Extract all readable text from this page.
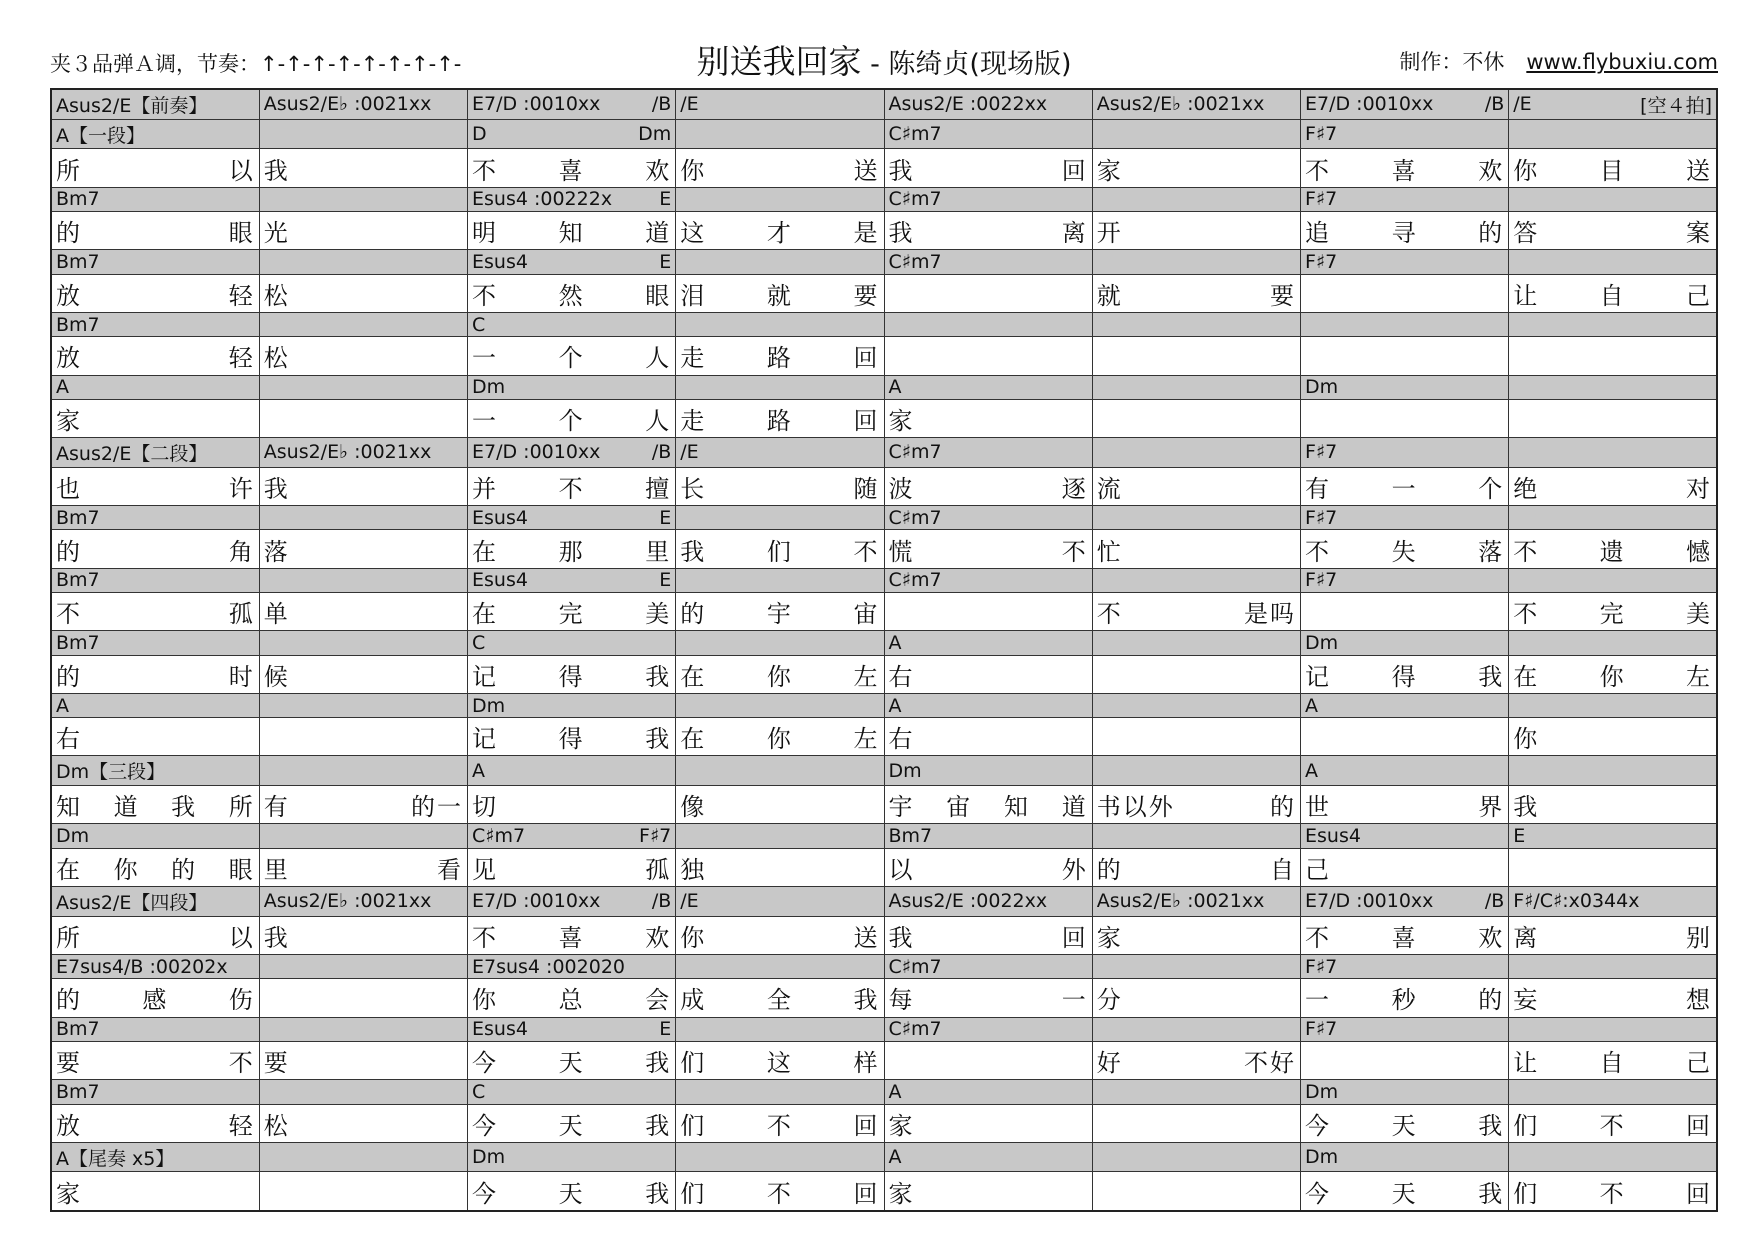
夹３品弹Ａ调，节奏：↑-↑-↑-↑-↑-↑-↑-↑-	别送我回家 - 陈绮贞(现场版)	制作：不休 www.flybuxiu.com
Asus2/E【前奏】	Asus2/E♭ :0021xx	E7/D :0010xx /B	/E	Asus2/E :0022xx	Asus2/E♭ :0021xx	E7/D :0010xx /B	/E [空４拍]

A【一段】		D Dm		C♯m7		F♯7	

所 以	我	不 喜 欢	你 送	我 回	家	不 喜 欢	你 目 送

Bm7		Esus4 :00222x E		C♯m7		F♯7	

的 眼	光	明 知 道	这 才 是	我 离	开	追 寻 的	答 案

Bm7		Esus4 E		C♯m7		F♯7	

放 轻	松	不 然 眼	泪 就 要		就 要		让 自 己

Bm7		C					

放 轻	松	一 个 人	走 路 回				

A		Dm		A		Dm	

家		一 个 人	走 路 回	家			

Asus2/E【二段】	Asus2/E♭ :0021xx	E7/D :0010xx /B	/E	C♯m7		F♯7	

也 许	我	并 不 擅	长 随	波 逐	流	有 一 个	绝 对

Bm7		Esus4 E		C♯m7		F♯7	

的 角	落	在 那 里	我 们 不	慌 不	忙	不 失 落	不 遗 憾

Bm7		Esus4 E		C♯m7		F♯7	

不 孤	单	在 完 美	的 宇 宙		不 是吗		不 完 美

Bm7		C		A		Dm	

的 时	候	记 得 我	在 你 左	右		记 得 我	在 你 左

A		Dm		A		A	

右		记 得 我	在 你 左	右			你

Dm【三段】		A		Dm		A	

知 道 我 所	有 的一	切	像	宇 宙 知 道	书以外 的	世 界	我

Dm		C♯m7 F♯7		Bm7		Esus4	E

在 你 的 眼	里 看	见 孤	独	以 外	的 自	己	

Asus2/E【四段】	Asus2/E♭ :0021xx	E7/D :0010xx /B	/E	Asus2/E :0022xx	Asus2/E♭ :0021xx	E7/D :0010xx /B	F♯/C♯:x0344x

所 以	我	不 喜 欢	你 送	我 回	家	不 喜 欢	离 别

E7sus4/B :00202x		E7sus4 :002020		C♯m7		F♯7	

的 感 伤		你 总 会	成 全 我	每 一	分	一 秒 的	妄 想

Bm7		Esus4 E		C♯m7		F♯7	

要 不	要	今 天 我	们 这 样		好 不好		让 自 己

Bm7		C		A		Dm	

放 轻	松	今 天 我	们 不 回	家		今 天 我	们 不 回

A【尾奏 x5】		Dm		A		Dm	

家		今 天 我	们 不 回	家		今 天 我	们 不 回
